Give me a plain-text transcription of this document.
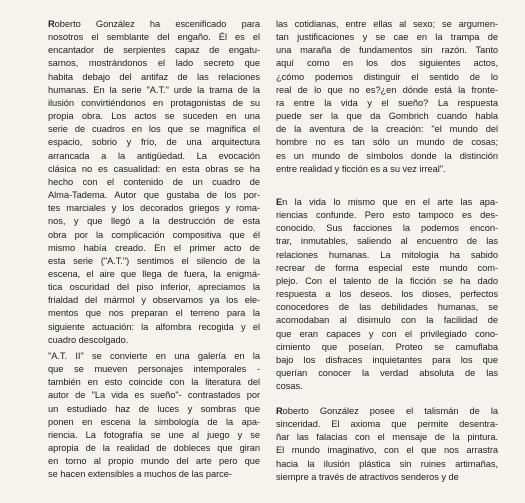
Roberto González ha escenificado para
nosotros el semblante del engaño. Él es el
encantador de serpientes capaz de engatu-
sarnos, mostrándonos el lado secreto que
habita debajo del antifaz de las relaciones
humanas. En la serie "A.T." urde la trama de la
ilusión convirtiéndonos en protagonistas de su
propia obra. Los actos se suceden en una
serie de cuadros en los que se magnifica el
espacio, sobrio y frío, de una arquitectura
arrancada a la antigüedad. La evocación
clásica no es casualidad: en esta obras se ha
hecho con el contenido de un cuadro de
Alma-Tadema. Autor que gustaba de los por-
tes marciales y los decorados griegos y roma-
nos, y que llegó a la destrucción de esta
obra por la complicación compositiva que él
mismo había creado. En el primer acto de
esta serie ("A.T.") sentimos el silencio de la
escena, el aire que llega de fuera, la enigmá-
tica oscuridad del piso inferior, apreciamos la
frialdad del mármol y observamos ya los ele-
mentos que nos preparan el terreno para la
siguiente actuación: la alfombra recogida y el
cuadro descolgado.
"A.T. II" se convierte en una galería en la
que se mueven personajes intemporales -
también en esto coincide con la literatura del
autor de "La vida es sueño"- contrastados por
un estudiado haz de luces y sombras que
ponen en escena la simbología de la apa-
riencia. La fotografía se une al juego y se
apropia de la realidad de dobleces que giran
en torno al propio mundo del arte pero que
se hacen extensibles a muchos de las parce-
las cotidianas, entre ellas al sexo; se argumen-
tan justificaciones y se cae en la trampa de
una maraña de fundamentos sin razón. Tanto
aquí como en los dos siguientes actos,
¿cómo podemos distinguir el sentido de lo
real de lo que no es?¿en dónde está la fronte-
ra entre la vida y el sueño? La respuesta
puede ser la que da Gombrich cuando habla
de la aventura de la creación: "el mundo del
hombre no es tan sólo un mundo de cosas;
es un mundo de símbolos donde la distinción
entre realidad y ficción es a su vez irreal".
En la vida lo mismo que en el arte las apa-
riencias confunde. Pero esto tampoco es des-
conocido. Sus facciones la podemos encon-
trar, inmutables, saliendo al encuentro de las
relaciones humanas. La mitología ha sabido
recrear de forma especial este mundo com-
plejo. Con el talento de la ficción se ha dado
respuesta a los deseos. los dioses, perfectos
conocedores de las debilidades humanas, se
acomodaban al disimulo con la facilidad de
que eran capaces y con el privilegiado cono-
cimiento que poseían. Proteo se camuflaba
bajo los disfraces inquietantes para los que
querían conocer la verdad absoluta de las
cosas.
Roberto González posee el talismán de la
sinceridad. El axioma que permite desentra-
ñar las falacias con el mensaje de la pintura.
El mundo imaginativo, con el que nos arrastra
hacia la ilusión plástica sin ruines artimañas,
siempre a través de atractivos senderos y de
